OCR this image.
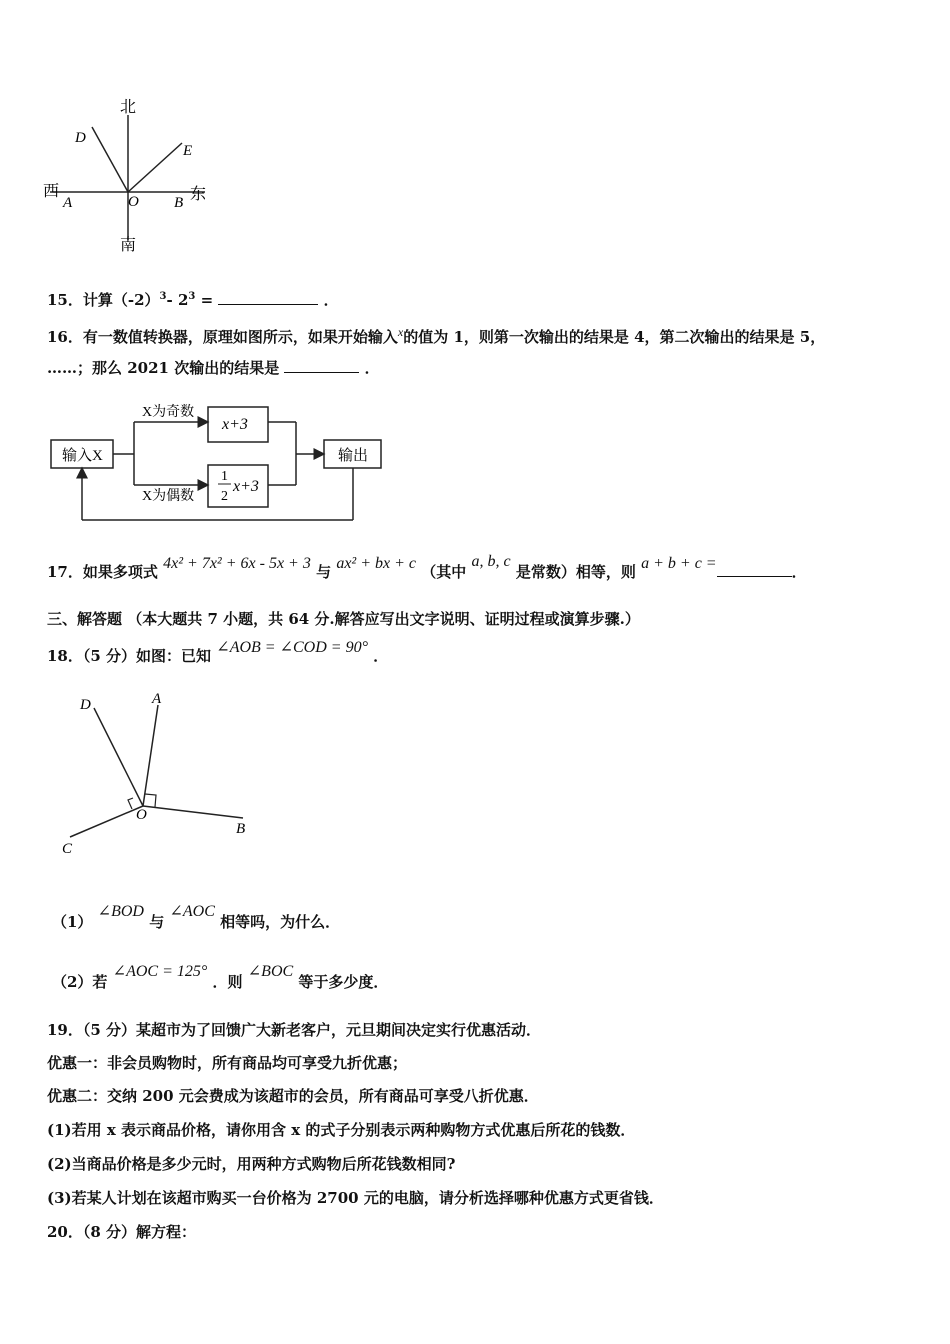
北
南
西	东
D
E
A	O B
15．计算$(-2)^3-$ $2^3$ =	．
16．有一数值转换器，原理如图所示，如果开始输入$^x$的值为 1，则第一次输出的结果是 4，第二次输出的结果是 5，
……；那么 2021 次输出的结果是	．
输入X
X为奇数
X为偶数
x+3
1
2
x+3
输出
17．如果多项式 4x² + 7x² + 6x - 5x + 3 与 ax² + bx + c （其中 a, b, c 是常数）相等，则 a + b + c =	．
三、解答题 （本大题共 7 小题，共 64 分.解答应写出文字说明、证明过程或演算步骤.）
18．（5 分）如图：已知 ∠AOB = ∠COD = 90° ．
D	A
O
C
B
（1） ∠BOD 与 ∠AOC 相等吗，为什么．
（2）若 ∠AOC = 125° ．则 ∠BOC 等于多少度．
19．（5 分）某超市为了回馈广大新老客户，元旦期间决定实行优惠活动．
优惠一：非会员购物时，所有商品均可享受九折优惠；
优惠二：交纳 200 元会费成为该超市的会员，所有商品可享受八折优惠．
(1)若用 x 表示商品价格，请你用含 x 的式子分别表示两种购物方式优惠后所花的钱数．
(2)当商品价格是多少元时，用两种方式购物后所花钱数相同?
(3)若某人计划在该超市购买一台价格为 2700 元的电脑，请分析选择哪种优惠方式更省钱．
20．（8 分）解方程：
